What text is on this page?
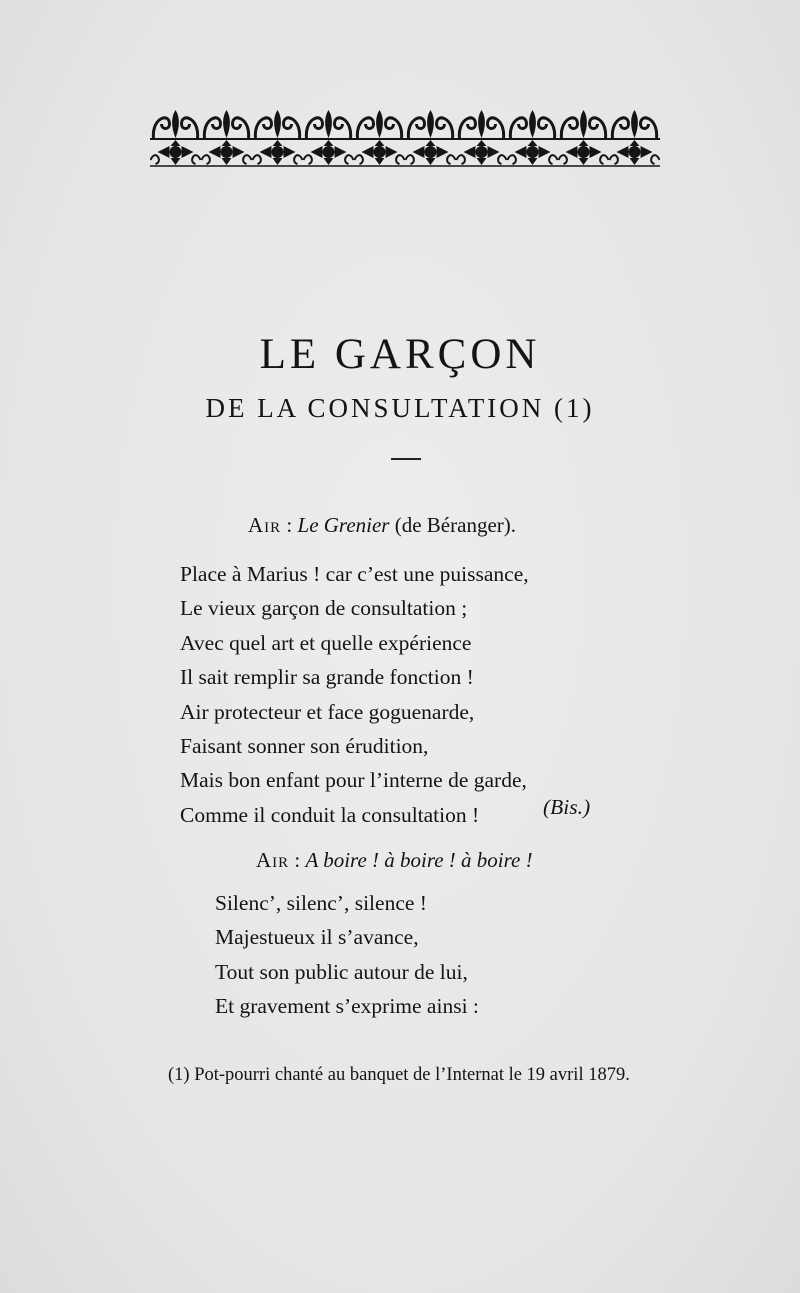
LE GARÇON
DE LA CONSULTATION (1)
Air : Le Grenier (de Béranger).
Place à Marius ! car c’est une puissance,
Le vieux garçon de consultation ;
Avec quel art et quelle expérience
Il sait remplir sa grande fonction !
Air protecteur et face goguenarde,
Faisant sonner son érudition,
Mais bon enfant pour l’interne de garde,
Comme il conduit la consultation !	(Bis.)
Air : A boire ! à boire ! à boire !
Silenc’, silenc’, silence !
Majestueux il s’avance,
Tout son public autour de lui,
Et gravement s’exprime ainsi :

(1) Pot-pourri chanté au banquet de l’Internat le 19 avril 1879.
